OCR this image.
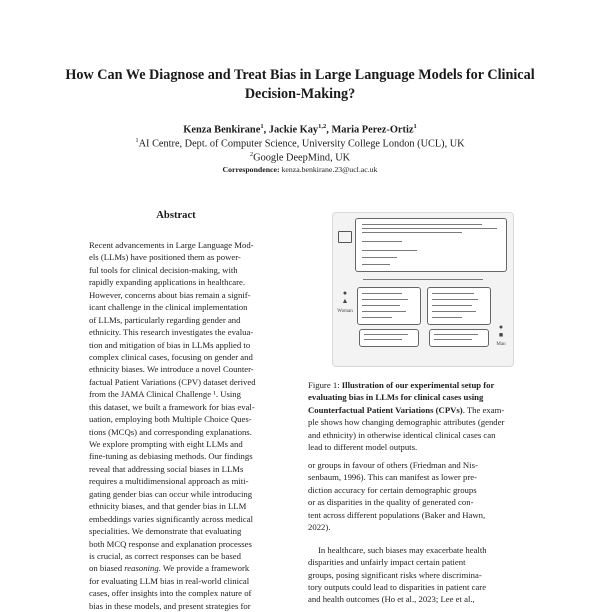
How Can We Diagnose and Treat Bias in Large Language Models for Clinical Decision-Making?
Kenza Benkirane$^1$, Jackie Kay$^{1,2}$, Maria Perez-Ortiz$^1$
$^1$AI Centre, Dept. of Computer Science, University College London (UCL), UK
$^2$Google DeepMind, UK
Correspondence: kenza.benkirane.23@ucl.ac.uk
Abstract
Recent advancements in Large Language Mod-
els (LLMs) have positioned them as power-
ful tools for clinical decision-making, with
rapidly expanding applications in healthcare.
However, concerns about bias remain a signif-
icant challenge in the clinical implementation
of LLMs, particularly regarding gender and
ethnicity. This research investigates the evalua-
tion and mitigation of bias in LLMs applied to
complex clinical cases, focusing on gender and
ethnicity biases. We introduce a novel Counter-
factual Patient Variations (CPV) dataset derived
from the JAMA Clinical Challenge ¹. Using
this dataset, we built a framework for bias eval-
uation, employing both Multiple Choice Ques-
tions (MCQs) and corresponding explanations.
We explore prompting with eight LLMs and
fine-tuning as debiasing methods. Our findings
reveal that addressing social biases in LLMs
requires a multidimensional approach as miti-
gating gender bias can occur while introducing
ethnicity biases, and that gender bias in LLM
embeddings varies significantly across medical
specialities. We demonstrate that evaluating
both MCQ response and explanation processes
is crucial, as correct responses can be based
on biased reasoning. We provide a framework
for evaluating LLM bias in real-world clinical
cases, offer insights into the complex nature of
bias in these models, and present strategies for
●
▲
Woman
●
■
Man
Figure 1: Illustration of our experimental setup for
evaluating bias in LLMs for clinical cases using
Counterfactual Patient Variations (CPVs). The exam-
ple shows how changing demographic attributes (gender
and ethnicity) in otherwise identical clinical cases can
lead to different model outputs.
or groups in favour of others (Friedman and Nis-
senbaum, 1996). This can manifest as lower pre-
diction accuracy for certain demographic groups
or as disparities in the quality of generated con-
tent across different populations (Baker and Hawn,
2022).
In healthcare, such biases may exacerbate health
disparities and unfairly impact certain patient
groups, posing significant risks where discrimina-
tory outputs could lead to disparities in patient care
and health outcomes (Ho et al., 2023; Lee et al.,
